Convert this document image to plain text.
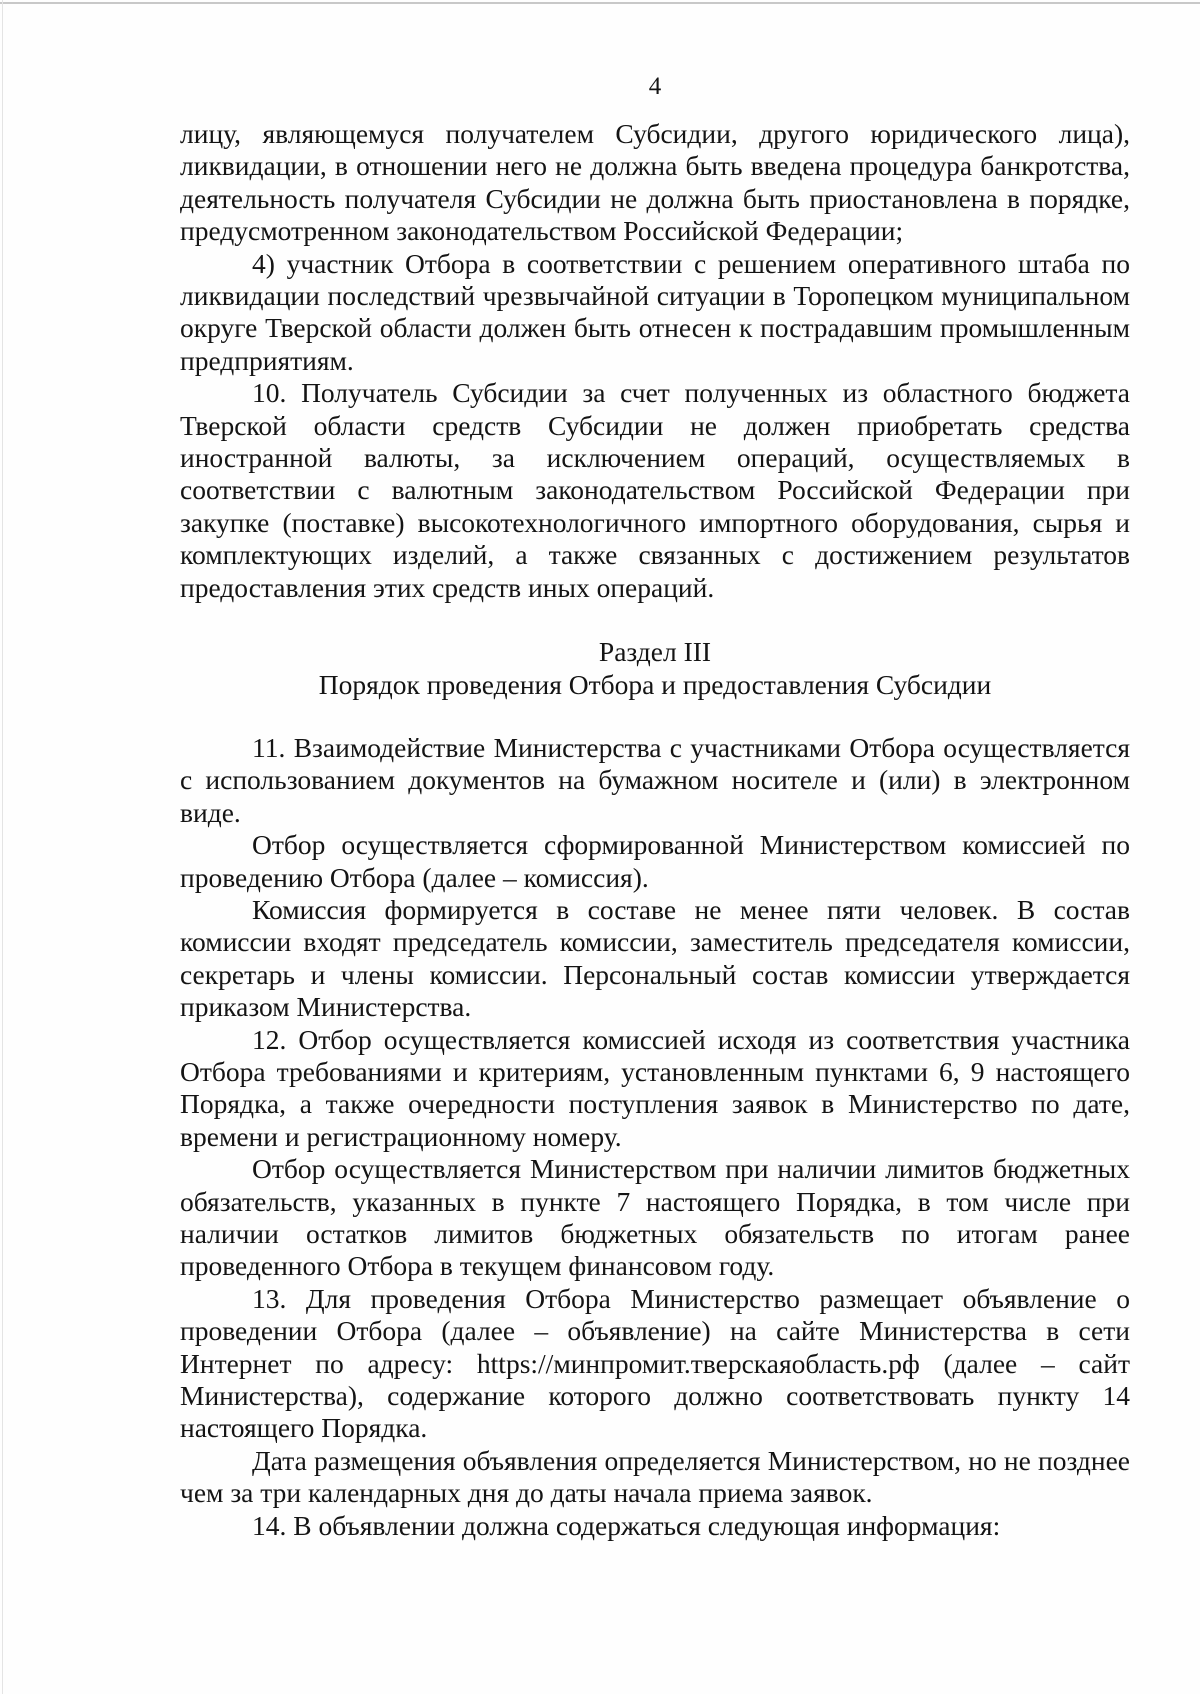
4

лицу, являющемуся получателем Субсидии, другого юридического лица), ликвидации, в отношении него не должна быть введена процедура банкротства, деятельность получателя Субсидии не должна быть приостановлена в порядке, предусмотренном законодательством Российской Федерации;

4) участник Отбора в соответствии с решением оперативного штаба по ликвидации последствий чрезвычайной ситуации в Торопецком муниципальном округе Тверской области должен быть отнесен к пострадавшим промышленным предприятиям.

10. Получатель Субсидии за счет полученных из областного бюджета Тверской области средств Субсидии не должен приобретать средства иностранной валюты, за исключением операций, осуществляемых в соответствии с валютным законодательством Российской Федерации при закупке (поставке) высокотехнологичного импортного оборудования, сырья и комплектующих изделий, а также связанных с достижением результатов предоставления этих средств иных операций.

Раздел III

Порядок проведения Отбора и предоставления Субсидии

11. Взаимодействие Министерства с участниками Отбора осуществляется с использованием документов на бумажном носителе и (или) в электронном виде.

Отбор осуществляется сформированной Министерством комиссией по проведению Отбора (далее – комиссия).

Комиссия формируется в составе не менее пяти человек. В состав комиссии входят председатель комиссии, заместитель председателя комиссии, секретарь и члены комиссии. Персональный состав комиссии утверждается приказом Министерства.

12. Отбор осуществляется комиссией исходя из соответствия участника Отбора требованиями и критериям, установленным пунктами 6, 9 настоящего Порядка, а также очередности поступления заявок в Министерство по дате, времени и регистрационному номеру.

Отбор осуществляется Министерством при наличии лимитов бюджетных обязательств, указанных в пункте 7 настоящего Порядка, в том числе при наличии остатков лимитов бюджетных обязательств по итогам ранее проведенного Отбора в текущем финансовом году.

13. Для проведения Отбора Министерство размещает объявление о проведении Отбора (далее – объявление) на сайте Министерства в сети Интернет по адресу: https://минпромит.тверскаяобласть.рф (далее – сайт Министерства), содержание которого должно соответствовать пункту 14 настоящего Порядка.

Дата размещения объявления определяется Министерством, но не позднее чем за три календарных дня до даты начала приема заявок.

14. В объявлении должна содержаться следующая информация:
